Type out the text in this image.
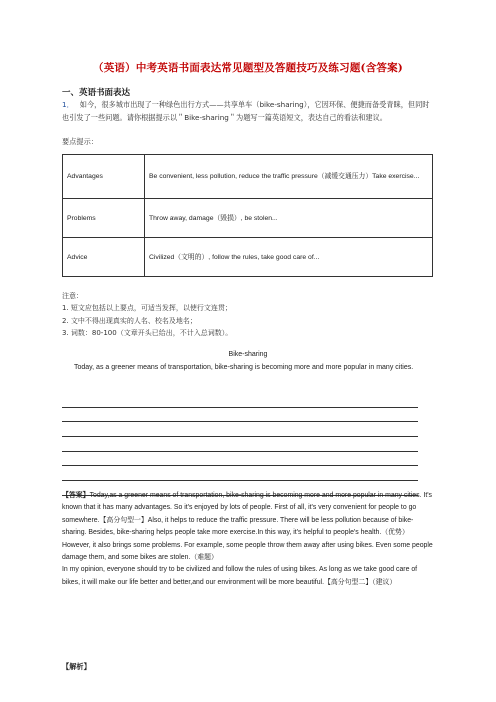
（英语）中考英语书面表达常见题型及答题技巧及练习题(含答案)
一、英语书面表达
1． 如今，很多城市出现了一种绿色出行方式——共享单车（bike-sharing），它因环保、便捷而备受青睐，但同时也引发了一些问题。请你根据提示以＂Bike-sharing＂为题写一篇英语短文，表达自己的看法和建议。
要点提示：
Advantages	Be convenient, less pollution, reduce the traffic pressure（减缓交通压力）Take exercise...
Problems	Throw away, damage（毁损）, be stolen...
Advice	Civilized（文明的）, follow the rules, take good care of...
注意：
1. 短文应包括以上要点，可适当发挥，以使行文连贯；
2. 文中不得出现真实的人名、校名及地名；
3. 词数：80-100（文章开头已给出，不计入总词数）。
Bike-sharing
Today, as a greener means of transportation, bike-sharing is becoming more and more popular in many cities.

【答案】Today,as a greener means of transportation, bike-sharing is becoming more and more popular in many cities. It's known that it has many advantages. So it's enjoyed by lots of people. First of all, it's very convenient for people to go somewhere.【高分句型一】Also, it helps to reduce the traffic pressure. There will be less pollution because of bike-sharing. Besides, bike-sharing helps people take more exercise.In this way, it's helpful to people's health.（优势）However, it also brings some problems. For example, some people throw them away after using bikes. Even some people damage them, and some bikes are stolen.（难题）

In my opinion, everyone should try to be civilized and follow the rules of using bikes. As long as we take good care of bikes, it will make our life better and better,and our environment will be more beautiful.【高分句型二】（建议）

【解析】
